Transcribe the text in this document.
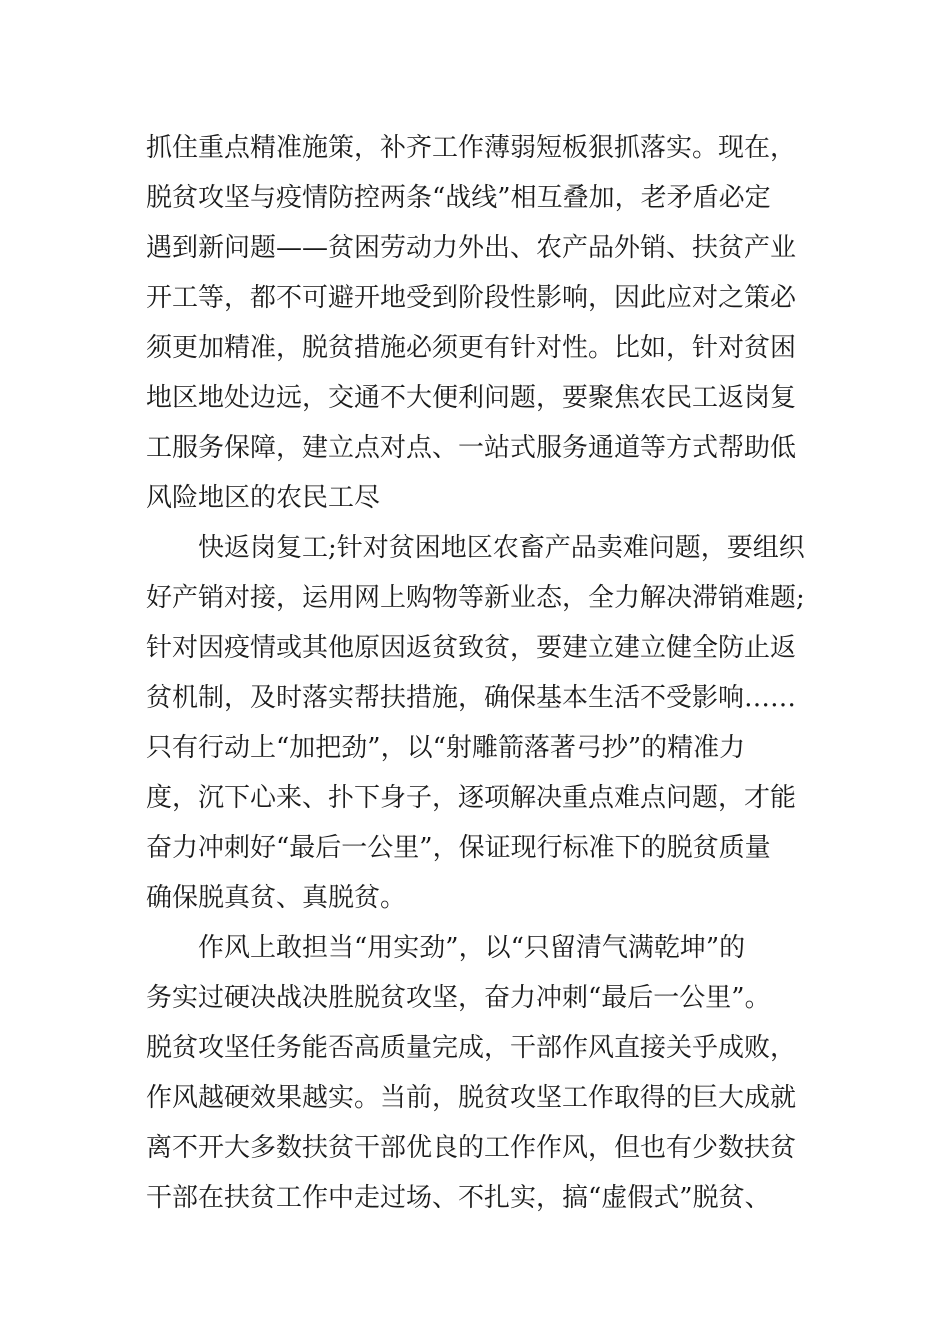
抓住重点精准施策，补齐工作薄弱短板狠抓落实。现在，
脱贫攻坚与疫情防控两条“战线”相互叠加，老矛盾必定
遇到新问题——贫困劳动力外出、农产品外销、扶贫产业
开工等，都不可避开地受到阶段性影响，因此应对之策必
须更加精准，脱贫措施必须更有针对性。比如，针对贫困
地区地处边远，交通不大便利问题，要聚焦农民工返岗复
工服务保障，建立点对点、一站式服务通道等方式帮助低
风险地区的农民工尽
快返岗复工;针对贫困地区农畜产品卖难问题，要组织
好产销对接，运用网上购物等新业态，全力解决滞销难题;
针对因疫情或其他原因返贫致贫，要建立建立健全防止返
贫机制，及时落实帮扶措施，确保基本生活不受影响……
只有行动上“加把劲”，以“射雕箭落著弓抄”的精准力
度，沉下心来、扑下身子，逐项解决重点难点问题，才能
奋力冲刺好“最后一公里”，保证现行标准下的脱贫质量
确保脱真贫、真脱贫。
作风上敢担当“用实劲”，以“只留清气满乾坤”的
务实过硬决战决胜脱贫攻坚，奋力冲刺“最后一公里”。
脱贫攻坚任务能否高质量完成，干部作风直接关乎成败，
作风越硬效果越实。当前，脱贫攻坚工作取得的巨大成就
离不开大多数扶贫干部优良的工作作风，但也有少数扶贫
干部在扶贫工作中走过场、不扎实，搞“虚假式”脱贫、
